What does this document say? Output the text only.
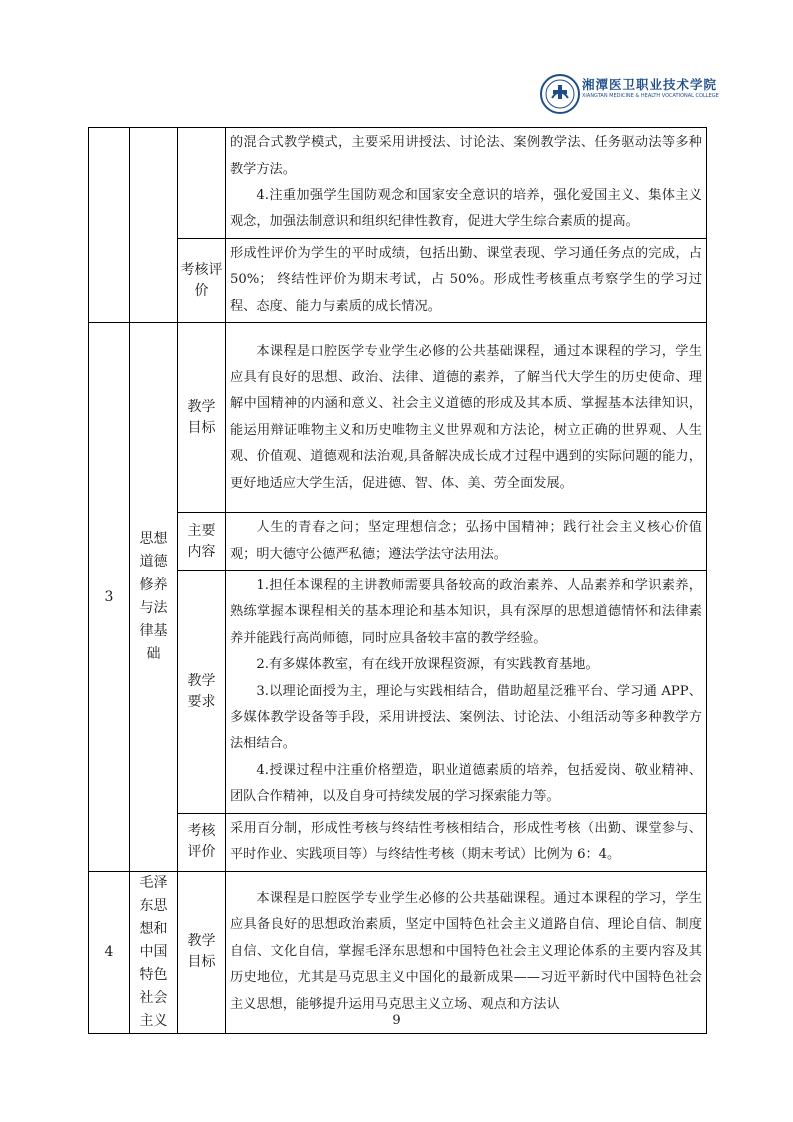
湘潭医卫职业技术学院
XIANGTAN MEDICINE & HEALTH VOCATIONAL COLLEGE

			的混合式教学模式，主要采用讲授法、讨论法、案例教学法、任务驱动法等多种教学方法。

4.注重加强学生国防观念和国家安全意识的培养，强化爱国主义、集体主义观念，加强法制意识和组织纪律性教育，促进大学生综合素质的提高。

		考核评价	形成性评价为学生的平时成绩，包括出勤、课堂表现、学习通任务点的完成，占 50%； 终结性评价为期末考试，占 50%。形成性考核重点考察学生的学习过程、态度、能力与素质的成长情况。

3	思想道德修养与法律基础	教学目标	本课程是口腔医学专业学生必修的公共基础课程，通过本课程的学习，学生应具有良好的思想、政治、法律、道德的素养，了解当代大学生的历史使命、理解中国精神的内涵和意义、社会主义道德的形成及其本质、掌握基本法律知识，能运用辩证唯物主义和历史唯物主义世界观和方法论，树立正确的世界观、人生观、价值观、道德观和法治观,具备解决成长成才过程中遇到的实际问题的能力，更好地适应大学生活，促进德、智、体、美、劳全面发展。

		主要内容	人生的青春之问；坚定理想信念；弘扬中国精神；践行社会主义核心价值观；明大德守公德严私德；遵法学法守法用法。

		教学要求	1.担任本课程的主讲教师需要具备较高的政治素养、人品素养和学识素养，熟练掌握本课程相关的基本理论和基本知识，具有深厚的思想道德情怀和法律素养并能践行高尚师德，同时应具备较丰富的教学经验。

2.有多媒体教室，有在线开放课程资源，有实践教育基地。

3.以理论面授为主，理论与实践相结合，借助超星泛雅平台、学习通 APP、多媒体教学设备等手段，采用讲授法、案例法、讨论法、小组活动等多种教学方法相结合。

4.授课过程中注重价格塑造，职业道德素质的培养，包括爱岗、敬业精神、团队合作精神，以及自身可持续发展的学习探索能力等。

		考核评价	采用百分制，形成性考核与终结性考核相结合，形成性考核（出勤、课堂参与、平时作业、实践项目等）与终结性考核（期末考试）比例为 6：4。

4	毛泽东思想和中国特色社会主义	教学目标	本课程是口腔医学专业学生必修的公共基础课程。通过本课程的学习，学生应具备良好的思想政治素质，坚定中国特色社会主义道路自信、理论自信、制度自信、文化自信，掌握毛泽东思想和中国特色社会主义理论体系的主要内容及其历史地位，尤其是马克思主义中国化的最新成果——习近平新时代中国特色社会主义思想，能够提升运用马克思主义立场、观点和方法认

9
